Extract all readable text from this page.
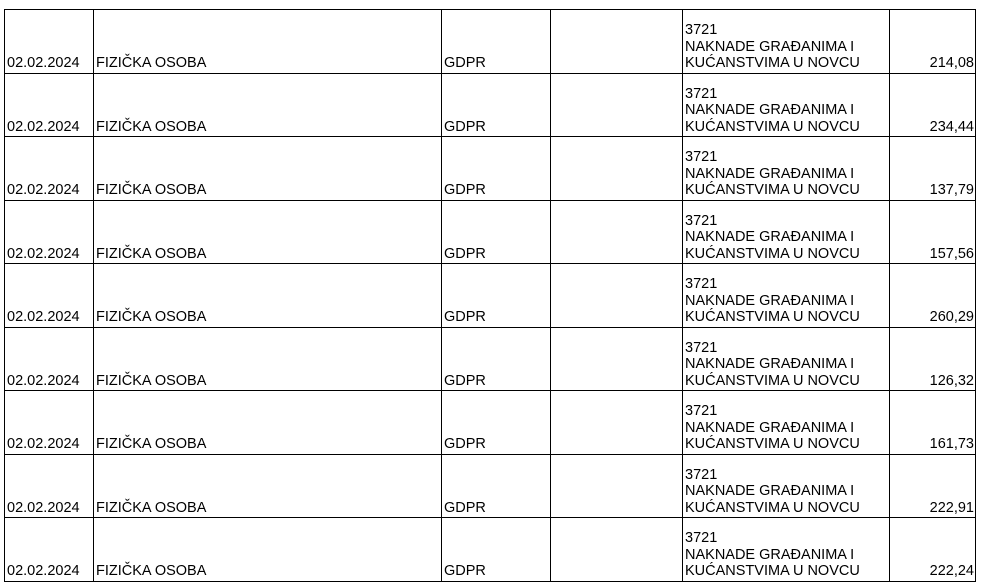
02.02.2024	FIZIČKA OSOBA	GDPR		3721
NAKNADE GRAĐANIMA I
KUĆANSTVIMA U NOVCU	214,08
02.02.2024	FIZIČKA OSOBA	GDPR		3721
NAKNADE GRAĐANIMA I
KUĆANSTVIMA U NOVCU	234,44
02.02.2024	FIZIČKA OSOBA	GDPR		3721
NAKNADE GRAĐANIMA I
KUĆANSTVIMA U NOVCU	137,79
02.02.2024	FIZIČKA OSOBA	GDPR		3721
NAKNADE GRAĐANIMA I
KUĆANSTVIMA U NOVCU	157,56
02.02.2024	FIZIČKA OSOBA	GDPR		3721
NAKNADE GRAĐANIMA I
KUĆANSTVIMA U NOVCU	260,29
02.02.2024	FIZIČKA OSOBA	GDPR		3721
NAKNADE GRAĐANIMA I
KUĆANSTVIMA U NOVCU	126,32
02.02.2024	FIZIČKA OSOBA	GDPR		3721
NAKNADE GRAĐANIMA I
KUĆANSTVIMA U NOVCU	161,73
02.02.2024	FIZIČKA OSOBA	GDPR		3721
NAKNADE GRAĐANIMA I
KUĆANSTVIMA U NOVCU	222,91
02.02.2024	FIZIČKA OSOBA	GDPR		3721
NAKNADE GRAĐANIMA I
KUĆANSTVIMA U NOVCU	222,24
